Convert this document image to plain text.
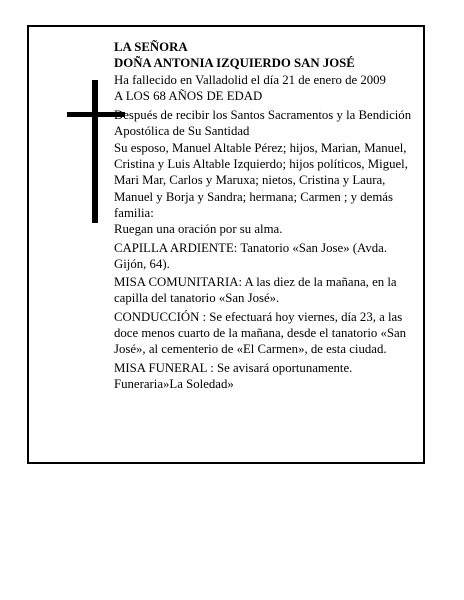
LA SEÑORA

DOÑA ANTONIA IZQUIERDO SAN JOSÉ

Ha fallecido en Valladolid el día 21 de enero de 2009

A LOS 68 AÑOS DE EDAD

Después de recibir los Santos Sacramentos y la Bendición Apostólica de Su Santidad

Su esposo, Manuel Altable Pérez; hijos, Marian, Manuel, Cristina y Luis Altable Izquierdo; hijos políticos, Miguel, Mari Mar, Carlos y Maruxa; nietos, Cristina y Laura, Manuel y Borja y Sandra; hermana; Carmen ; y demás familia:

Ruegan una oración por su alma.

CAPILLA ARDIENTE: Tanatorio «San Jose» (Avda. Gijón, 64).

MISA COMUNITARIA: A las diez de la mañana, en la capilla del tanatorio «San José».

CONDUCCIÓN : Se efectuará hoy viernes, día 23, a las doce menos cuarto de la mañana, desde el tanatorio «San José», al cementerio de «El Carmen», de esta ciudad.

MISA FUNERAL : Se avisará oportunamente.

Funeraria»La Soledad»
